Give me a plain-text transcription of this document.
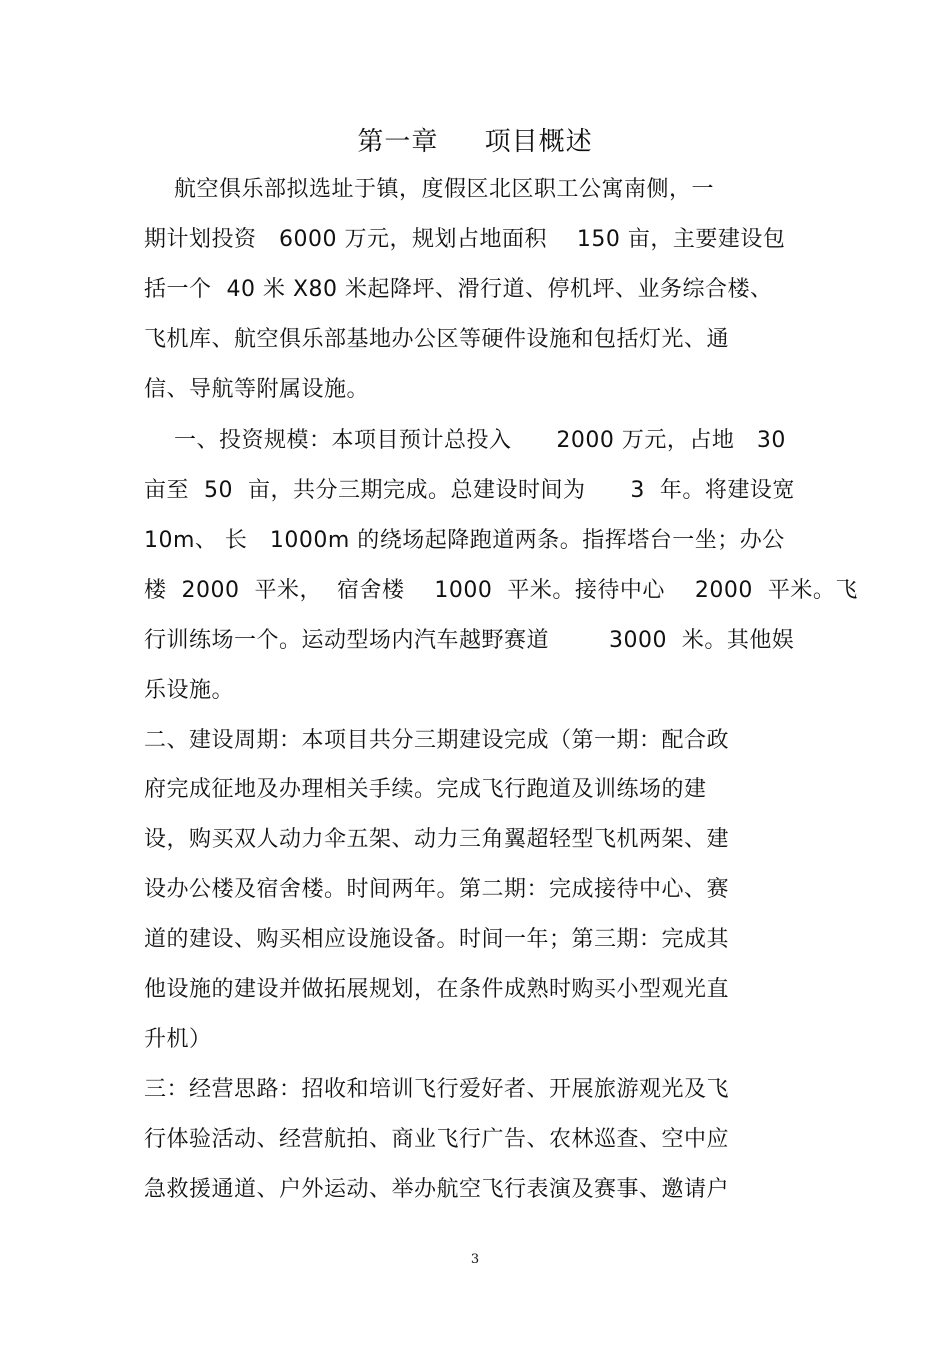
第一章     项目概述
航空俱乐部拟选址于镇，度假区北区职工公寓南侧，一
期计划投资   6000 万元，规划占地面积    150 亩，主要建设包
括一个  40 米 X80 米起降坪、滑行道、停机坪、业务综合楼、
飞机库、航空俱乐部基地办公区等硬件设施和包括灯光、通
信、导航等附属设施。
一、投资规模：本项目预计总投入      2000 万元，占地   30
亩至  50  亩，共分三期完成。总建设时间为      3  年。将建设宽
10m、 长   1000m 的绕场起降跑道两条。指挥塔台一坐；办公
楼  2000  平米，  宿舍楼    1000  平米。接待中心    2000  平米。飞
行训练场一个。运动型场内汽车越野赛道        3000  米。其他娱
乐设施。
二、建设周期：本项目共分三期建设完成（第一期：配合政
府完成征地及办理相关手续。完成飞行跑道及训练场的建
设，购买双人动力伞五架、动力三角翼超轻型飞机两架、建
设办公楼及宿舍楼。时间两年。第二期：完成接待中心、赛
道的建设、购买相应设施设备。时间一年；第三期：完成其
他设施的建设并做拓展规划，在条件成熟时购买小型观光直
升机）
三：经营思路：招收和培训飞行爱好者、开展旅游观光及飞
行体验活动、经营航拍、商业飞行广告、农林巡查、空中应
急救援通道、户外运动、举办航空飞行表演及赛事、邀请户
3
